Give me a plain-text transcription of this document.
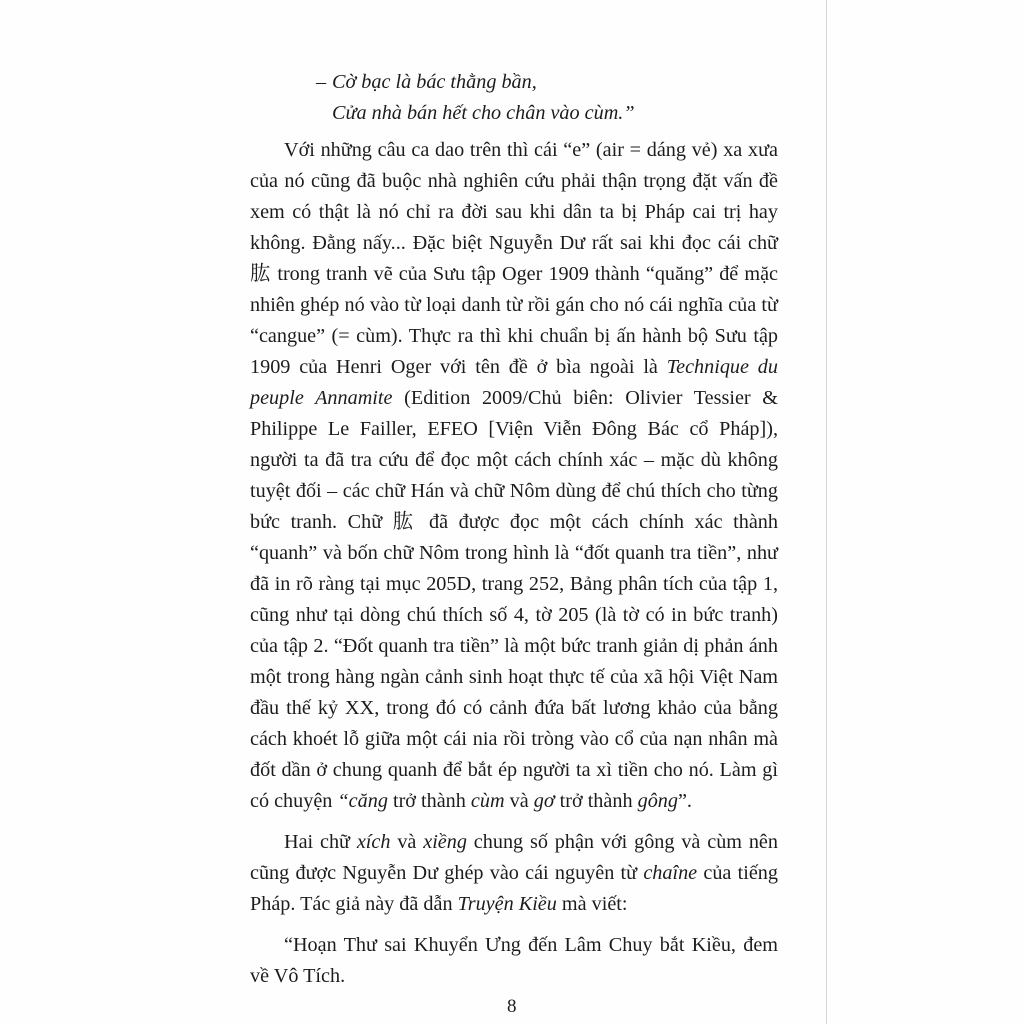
– Cờ bạc là bác thằng bần,
Cửa nhà bán hết cho chân vào cùm.”

Với những câu ca dao trên thì cái “e” (air = dáng vẻ) xa xưa của nó cũng đã buộc nhà nghiên cứu phải thận trọng đặt vấn đề xem có thật là nó chỉ ra đời sau khi dân ta bị Pháp cai trị hay không. Đằng nấy... Đặc biệt Nguyễn Dư rất sai khi đọc cái chữ 肱 trong tranh vẽ của Sưu tập Oger 1909 thành “quăng” để mặc nhiên ghép nó vào từ loại danh từ rồi gán cho nó cái nghĩa của từ “cangue” (= cùm). Thực ra thì khi chuẩn bị ấn hành bộ Sưu tập 1909 của Henri Oger với tên đề ở bìa ngoài là Technique du peuple Annamite (Edition 2009/Chủ biên: Olivier Tessier & Philippe Le Failler, EFEO [Viện Viễn Đông Bác cổ Pháp]), người ta đã tra cứu để đọc một cách chính xác – mặc dù không tuyệt đối – các chữ Hán và chữ Nôm dùng để chú thích cho từng bức tranh. Chữ 肱 đã được đọc một cách chính xác thành “quanh” và bốn chữ Nôm trong hình là “đốt quanh tra tiền”, như đã in rõ ràng tại mục 205D, trang 252, Bảng phân tích của tập 1, cũng như tại dòng chú thích số 4, tờ 205 (là tờ có in bức tranh) của tập 2. “Đốt quanh tra tiền” là một bức tranh giản dị phản ánh một trong hàng ngàn cảnh sinh hoạt thực tế của xã hội Việt Nam đầu thế kỷ XX, trong đó có cảnh đứa bất lương khảo của bằng cách khoét lỗ giữa một cái nia rồi tròng vào cổ của nạn nhân mà đốt dần ở chung quanh để bắt ép người ta xì tiền cho nó. Làm gì có chuyện “căng trở thành cùm và gơ trở thành gông”.

Hai chữ xích và xiềng chung số phận với gông và cùm nên cũng được Nguyễn Dư ghép vào cái nguyên từ chaîne của tiếng Pháp. Tác giả này đã dẫn Truyện Kiều mà viết:

“Hoạn Thư sai Khuyển Ưng đến Lâm Chuy bắt Kiều, đem về Vô Tích.

8
